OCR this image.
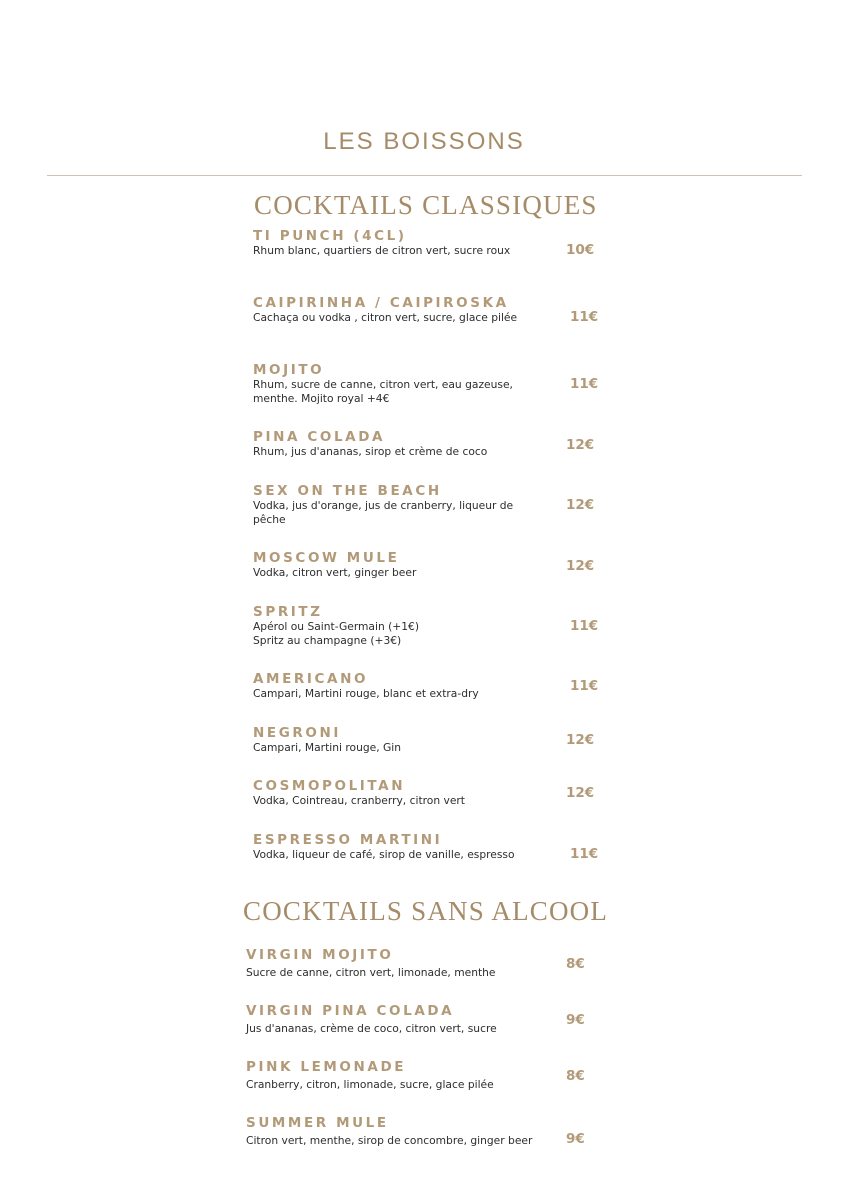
LES BOISSONS
COCKTAILS CLASSIQUES
TI PUNCH (4CL)
Rhum blanc, quartiers de citron vert, sucre roux	10€
CAIPIRINHA / CAIPIROSKA
Cachaça ou vodka , citron vert, sucre, glace pilée	11€
MOJITO
Rhum, sucre de canne, citron vert, eau gazeuse, menthe. Mojito royal +4€
11€
PINA COLADA
Rhum, jus d'ananas, sirop et crème de coco	12€
SEX ON THE BEACH
Vodka, jus d'orange, jus de cranberry, liqueur de pêche
12€
MOSCOW MULE
Vodka, citron vert, ginger beer	12€
SPRITZ
Apérol ou Saint-Germain (+1€)
Spritz au champagne (+3€)
11€
AMERICANO
Campari, Martini rouge, blanc et extra-dry	11€
NEGRONI
Campari, Martini rouge, Gin	12€
COSMOPOLITAN
Vodka, Cointreau, cranberry, citron vert	12€
ESPRESSO MARTINI
Vodka, liqueur de café, sirop de vanille, espresso	11€
COCKTAILS SANS ALCOOL
VIRGIN MOJITO
Sucre de canne, citron vert, limonade, menthe
8€
VIRGIN PINA COLADA
Jus d'ananas, crème de coco, citron vert, sucre
9€
PINK LEMONADE
Cranberry, citron, limonade, sucre, glace pilée
8€
SUMMER MULE
Citron vert, menthe, sirop de concombre, ginger beer	9€
